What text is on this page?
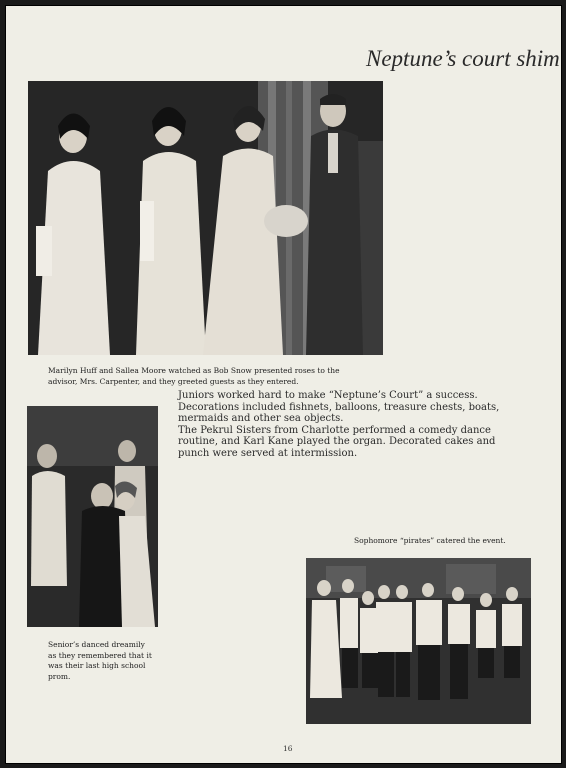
Neptune’s court shim
Marilyn Huff and Sallea Moore watched as Bob Snow presented roses to the
advisor, Mrs. Carpenter, and they greeted guests as they entered.
Senior’s danced dreamily
as they remembered that it
was their last high school
prom.
Juniors worked hard to make “Neptune’s Court” a success.
Decorations included fishnets, balloons, treasure chests, boats,
mermaids and other sea objects.
The Pekrul Sisters from Charlotte performed a comedy dance
routine, and Karl Kane played the organ. Decorated cakes and
punch were served at intermission.
Sophomore “pirates” catered the event.
16
